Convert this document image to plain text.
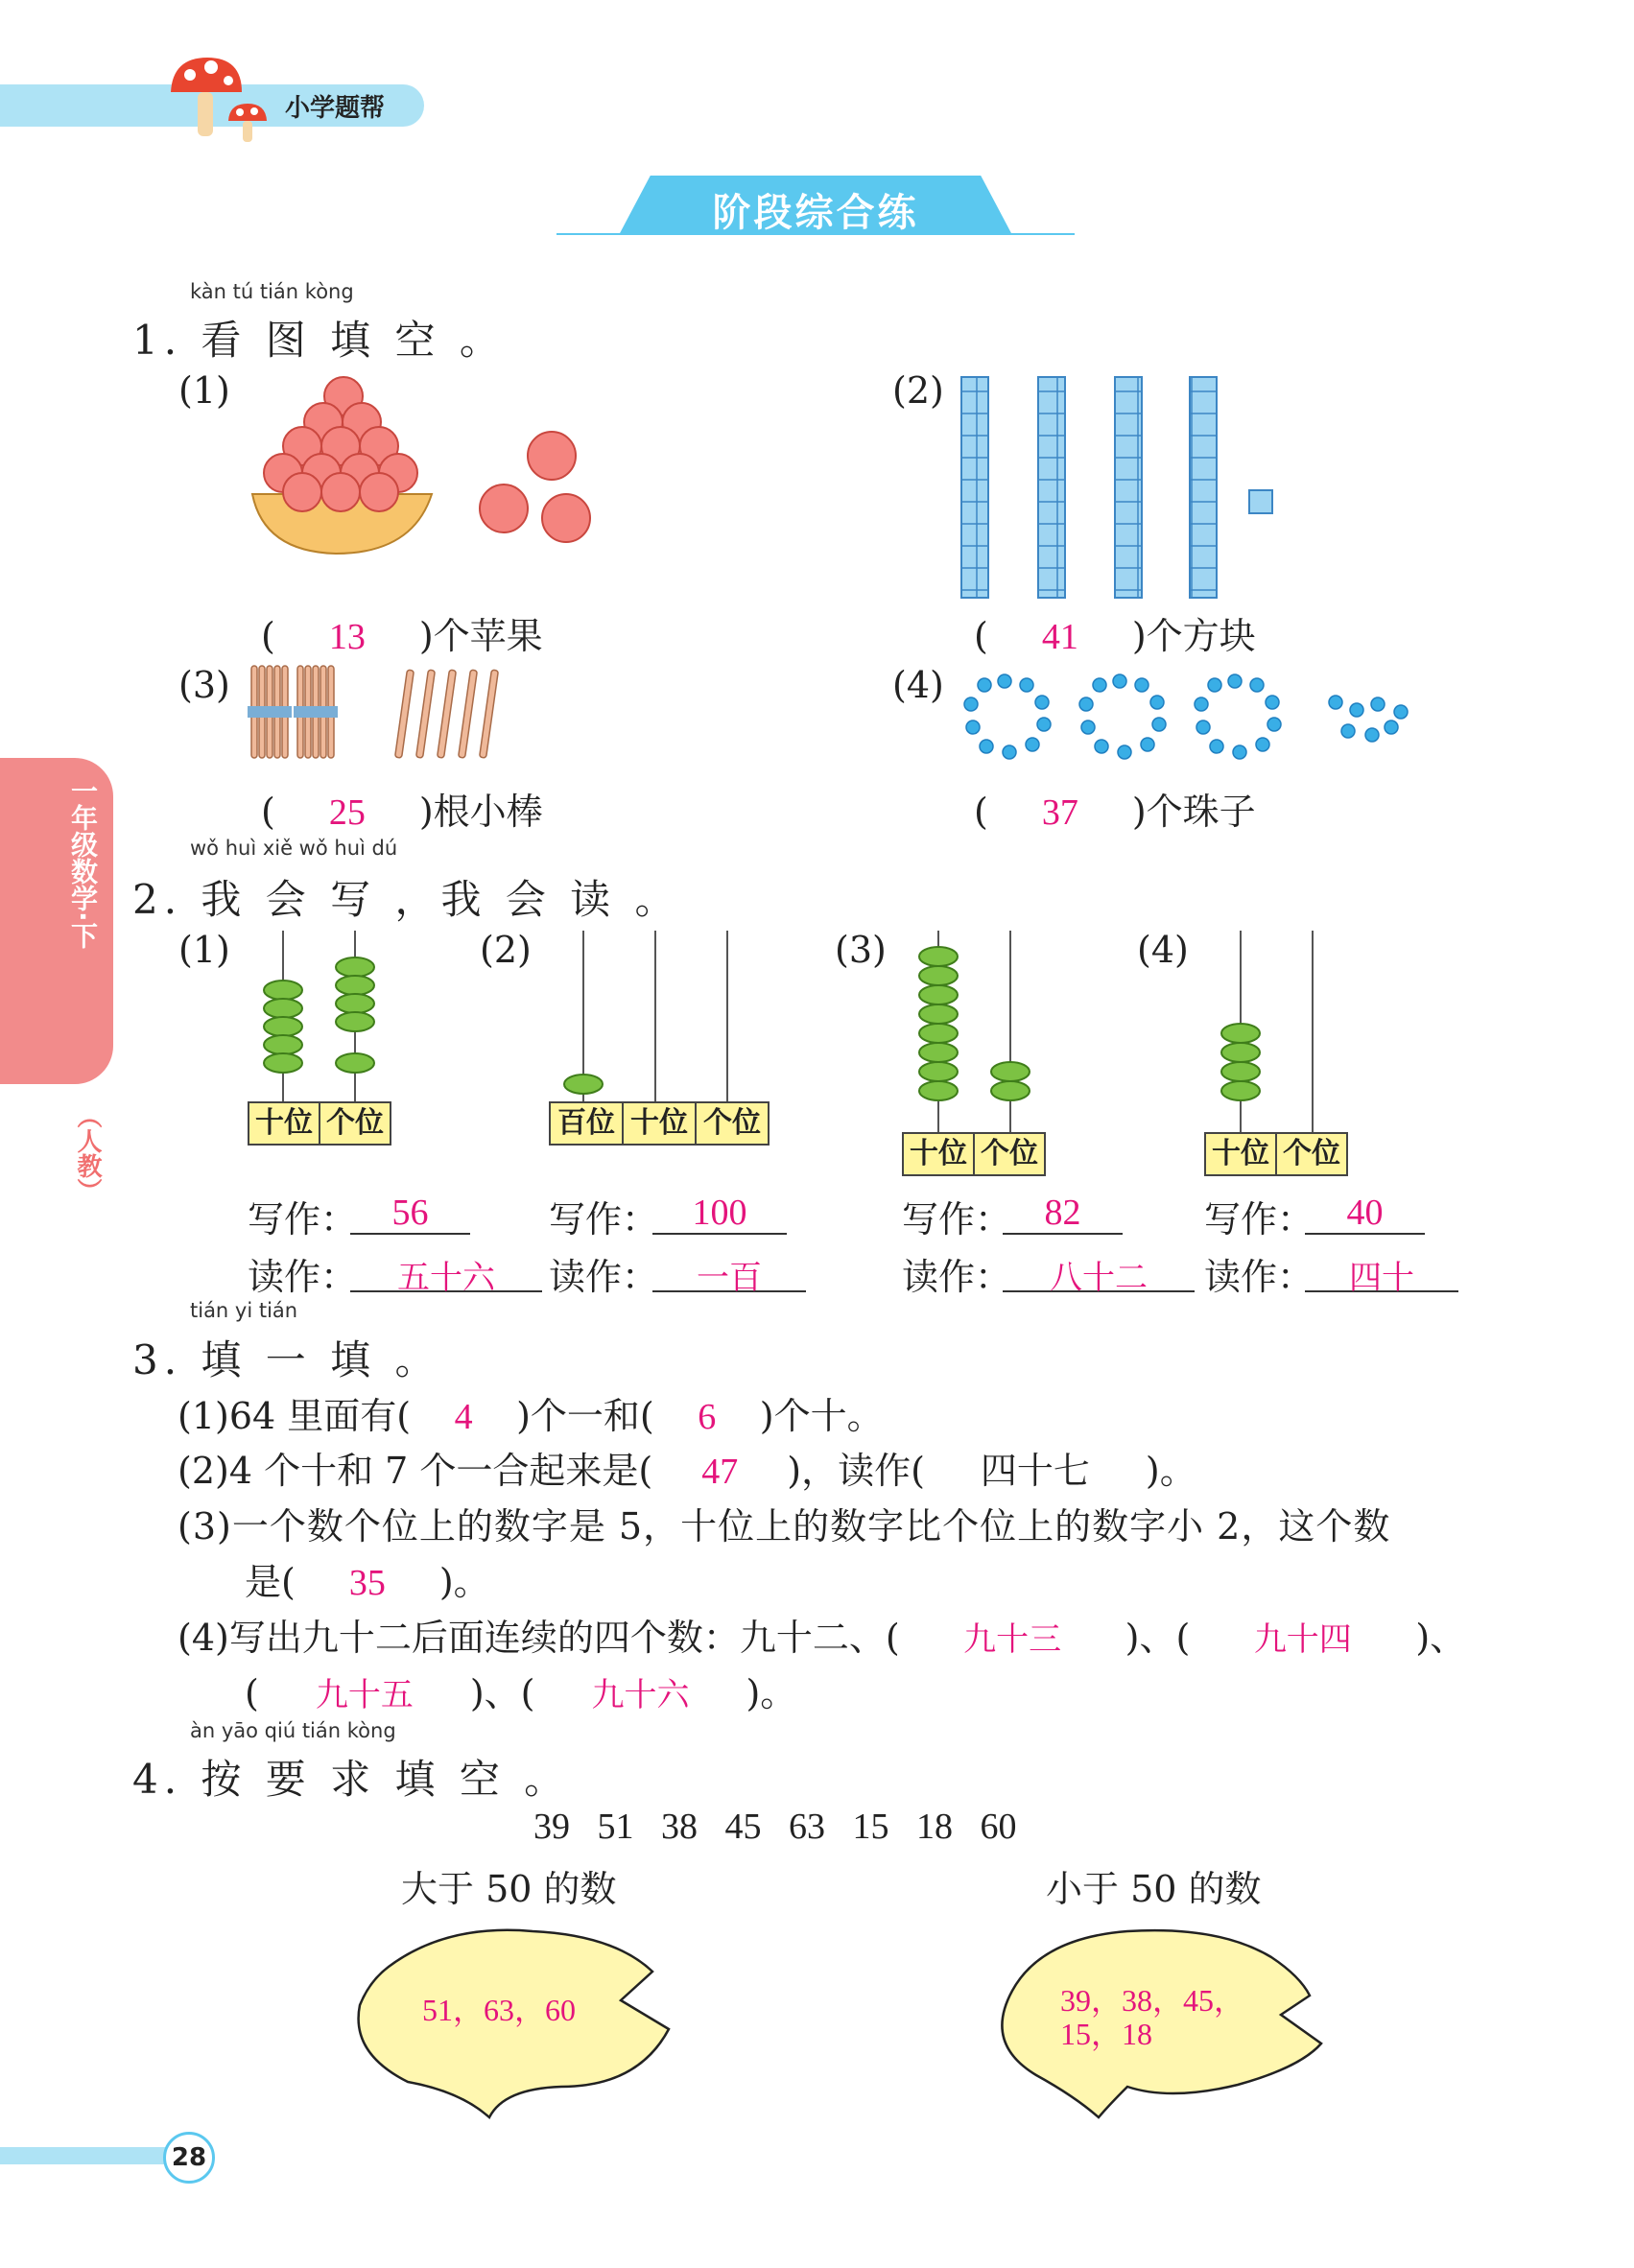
小学题帮
阶段综合练
一年级数学·下
（人教）
kàn tú tián kòng
1. 看 图 填 空 。
(1)
( 13 )个苹果
(2)
( 41 )个方块
(3)
( 25 )根小棒
(4)
( 37 )个珠子
wǒ huì xiě wǒ huì dú
2. 我 会 写 ，我 会 读 。
(1)
十位 个位
(2)
百位 十位 个位
(3)
十位 个位
(4)
十位 个位
写作： 56	写作： 100	写作： 82	写作： 40
读作：	五十六	读作：	一百	读作：	八十二	读作：	四十
tián yi tián
3. 填 一 填 。
(1)64 里面有( 4 )个一和( 6 )个十。
(2)4 个十和 7 个一合起来是( 47 )，读作( 四十七 )。
(3)一个数个位上的数字是 5，十位上的数字比个位上的数字小 2，这个数
是( 35 )。
(4)写出九十二后面连续的四个数：九十二、( 九十三 )、( 九十四 )、
( 九十五 )、( 九十六 )。
àn yāo qiú tián kòng
4. 按 要 求 填 空 。
39   51   38   45   63   15   18   60
大于 50 的数	小于 50 的数
51，63，60	39，38，45，
15，18
28
